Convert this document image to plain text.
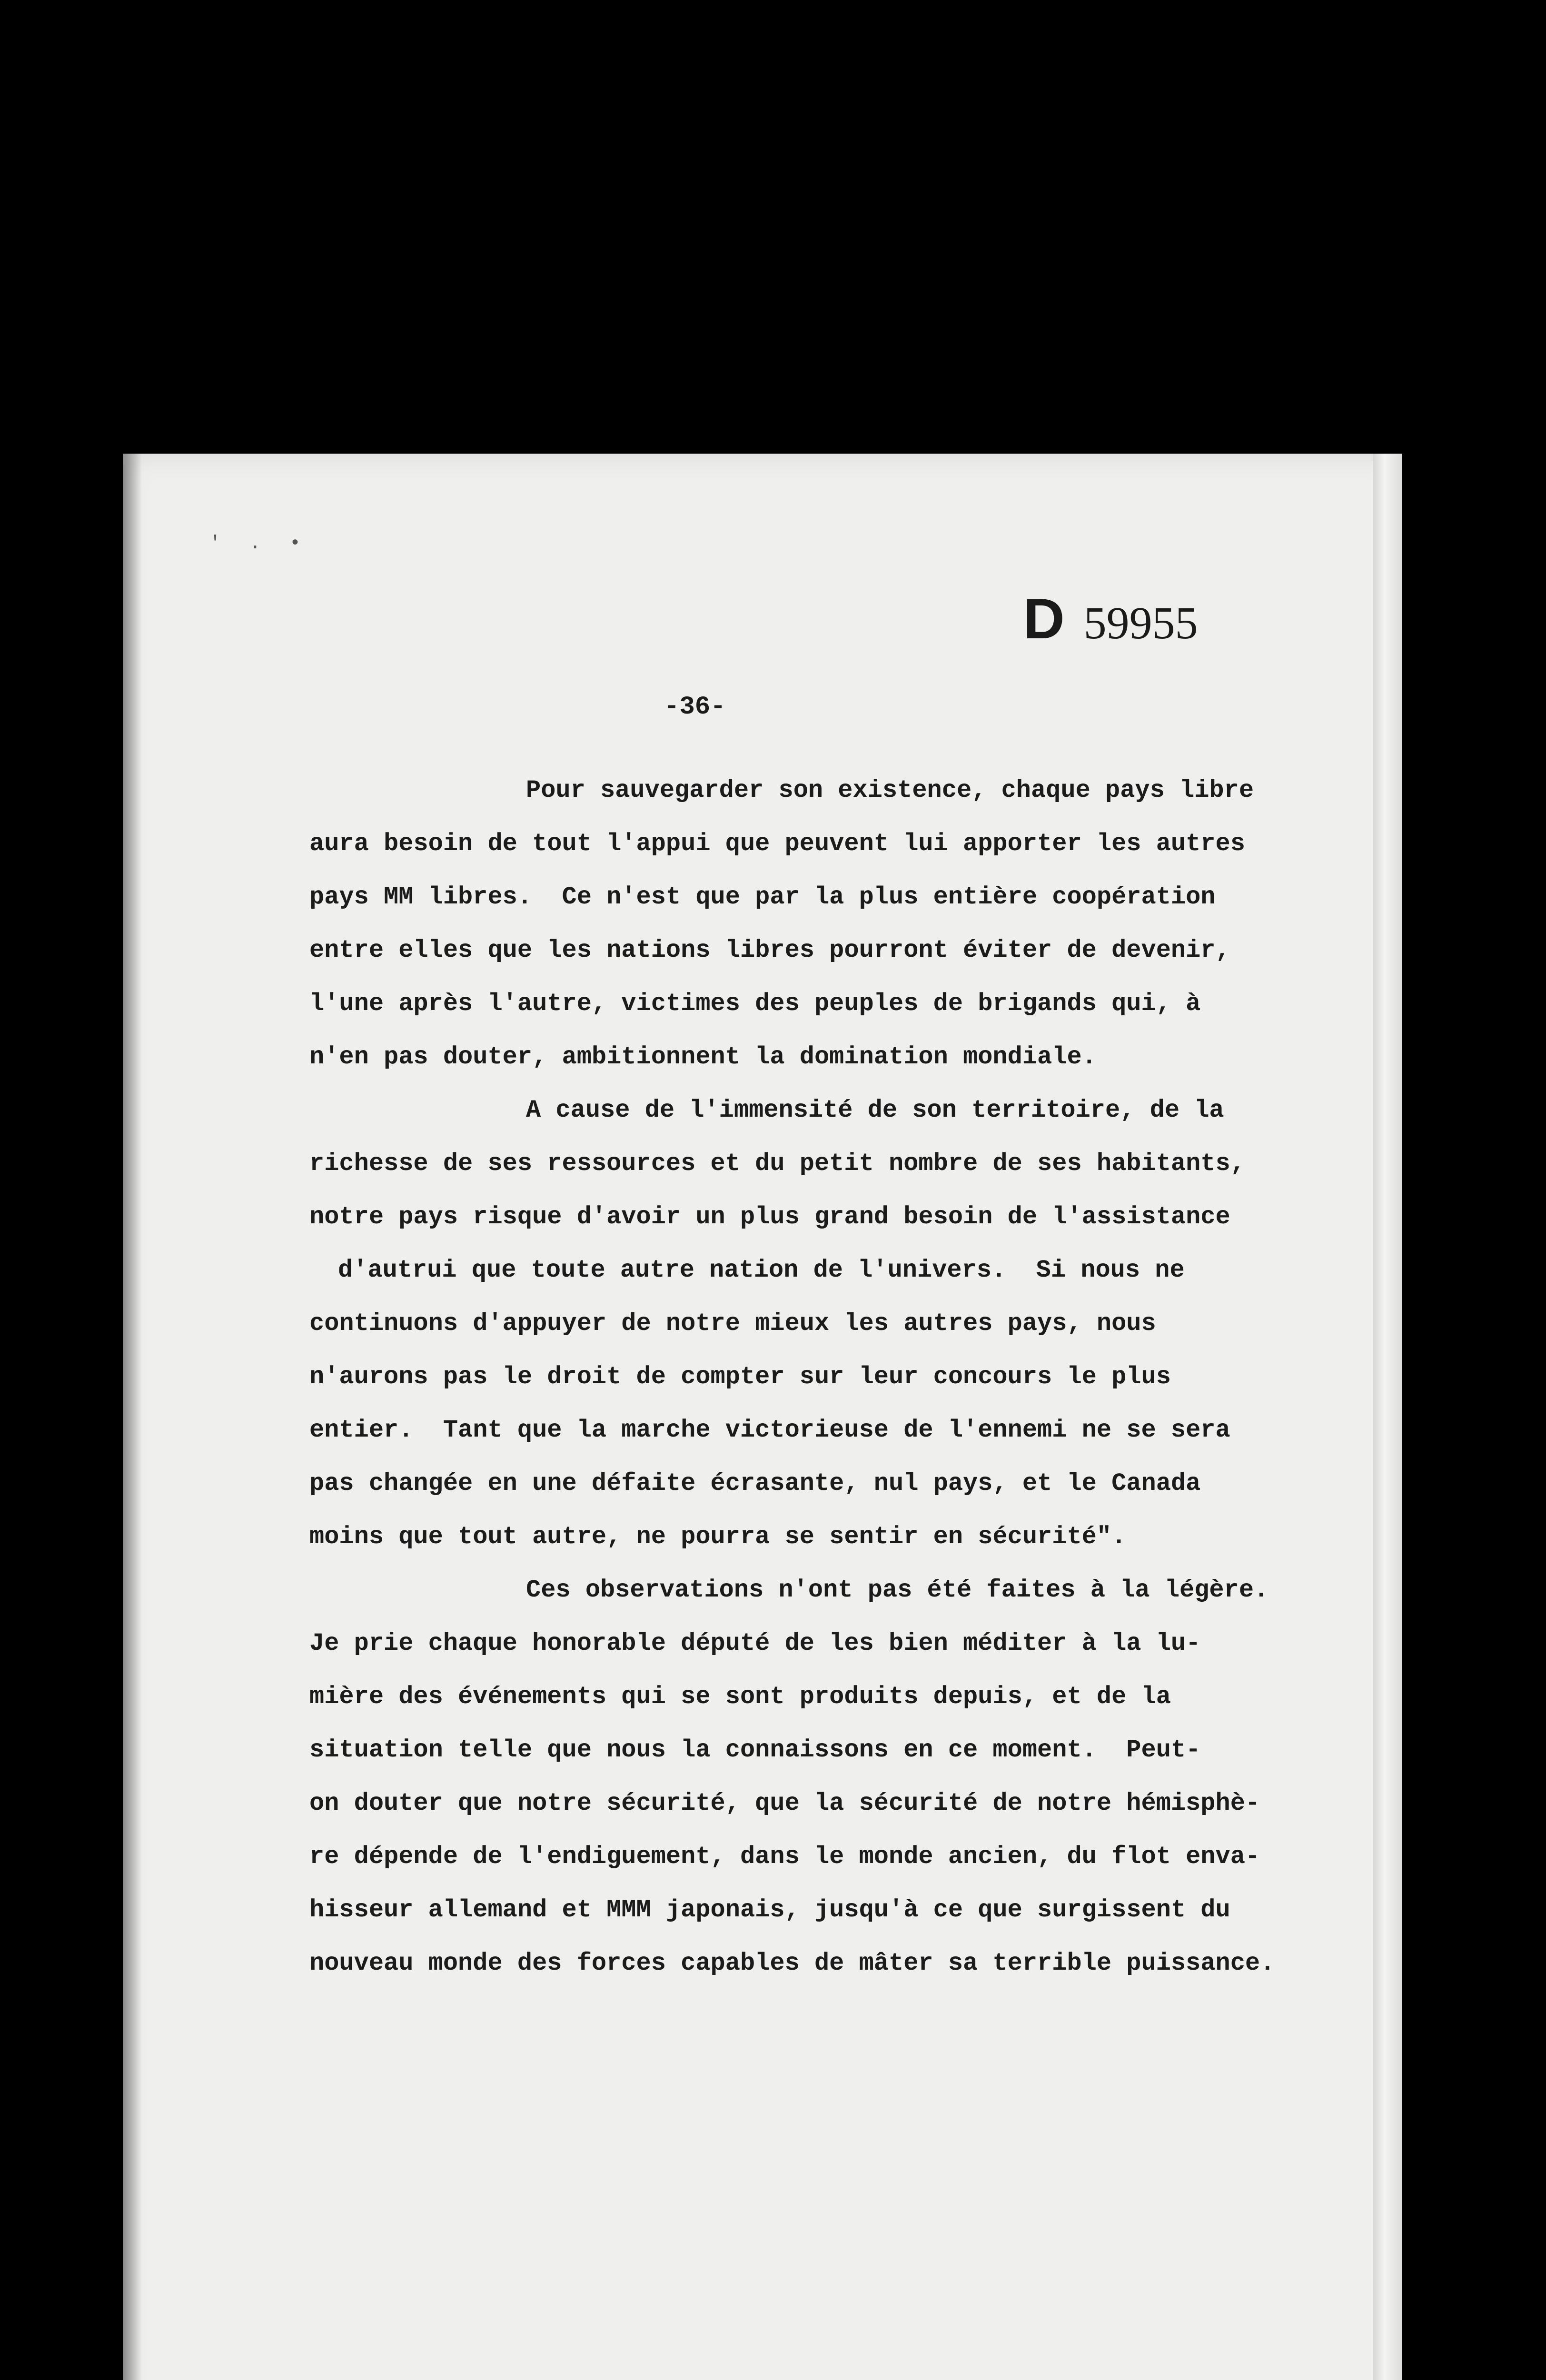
' . •
D 59955
-36-
Pour sauvegarder son existence, chaque pays libre
aura besoin de tout l'appui que peuvent lui apporter les autres
pays MM libres.  Ce n'est que par la plus entière coopération
entre elles que les nations libres pourront éviter de devenir,
l'une après l'autre, victimes des peuples de brigands qui, à
n'en pas douter, ambitionnent la domination mondiale.
A cause de l'immensité de son territoire, de la
richesse de ses ressources et du petit nombre de ses habitants,
notre pays risque d'avoir un plus grand besoin de l'assistance
d'autrui que toute autre nation de l'univers.  Si nous ne
continuons d'appuyer de notre mieux les autres pays, nous
n'aurons pas le droit de compter sur leur concours le plus
entier.  Tant que la marche victorieuse de l'ennemi ne se sera
pas changée en une défaite écrasante, nul pays, et le Canada
moins que tout autre, ne pourra se sentir en sécurité".
Ces observations n'ont pas été faites à la légère.
Je prie chaque honorable député de les bien méditer à la lu-
mière des événements qui se sont produits depuis, et de la
situation telle que nous la connaissons en ce moment.  Peut-
on douter que notre sécurité, que la sécurité de notre hémisphè-
re dépende de l'endiguement, dans le monde ancien, du flot enva-
hisseur allemand et MMM japonais, jusqu'à ce que surgissent du
nouveau monde des forces capables de mâter sa terrible puissance.
